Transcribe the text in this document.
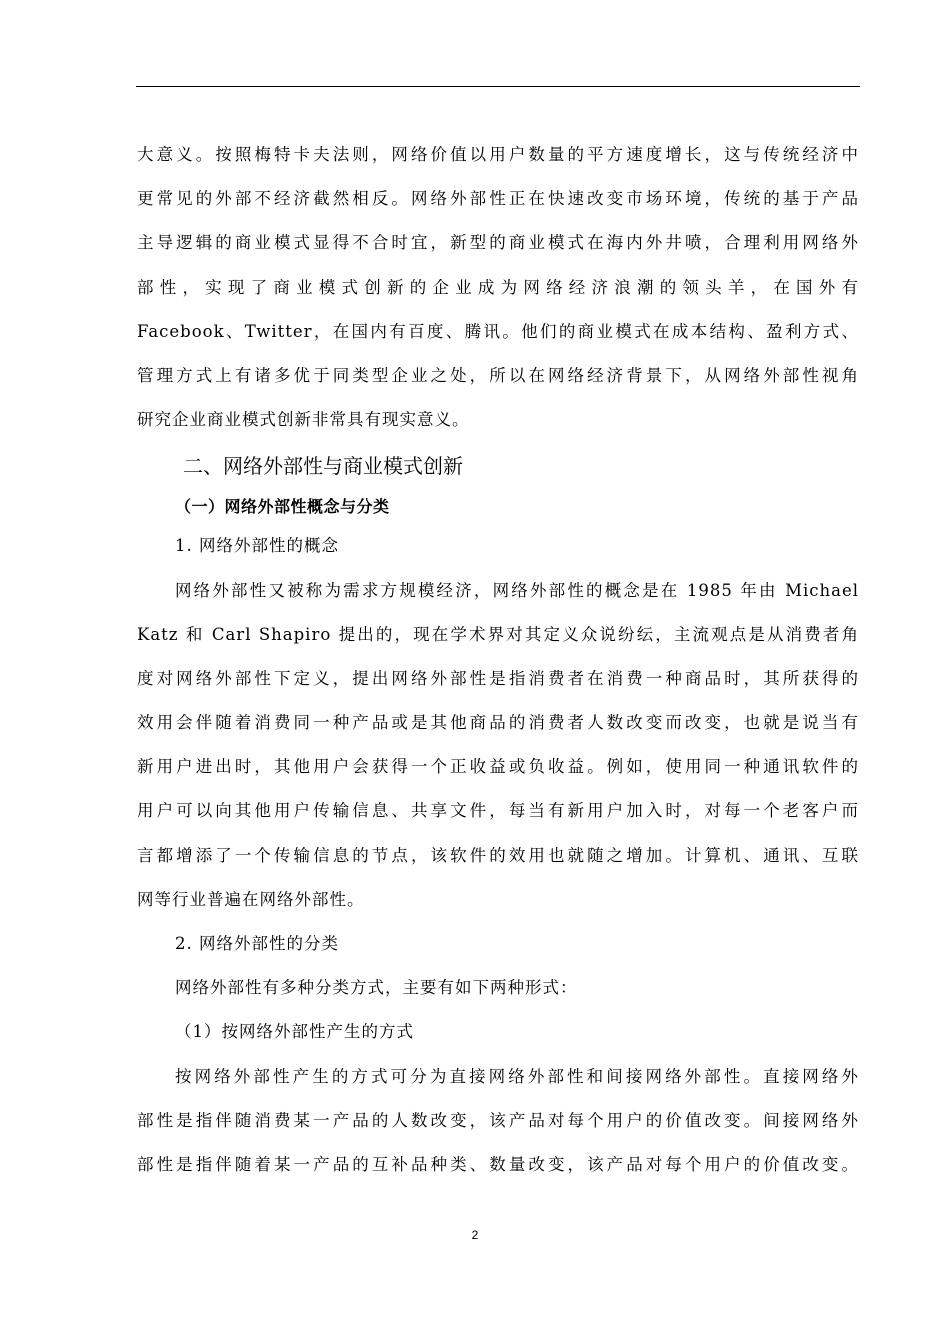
大意义。按照梅特卡夫法则，网络价值以用户数量的平方速度增长，这与传统经济中
更常见的外部不经济截然相反。网络外部性正在快速改变市场环境，传统的基于产品
主导逻辑的商业模式显得不合时宜，新型的商业模式在海内外井喷，合理利用网络外
部性，实现了商业模式创新的企业成为网络经济浪潮的领头羊，在国外有
Facebook、Twitter，在国内有百度、腾讯。他们的商业模式在成本结构、盈利方式、
管理方式上有诸多优于同类型企业之处，所以在网络经济背景下，从网络外部性视角
研究企业商业模式创新非常具有现实意义。
二、网络外部性与商业模式创新
（一）网络外部性概念与分类
1. 网络外部性的概念
网络外部性又被称为需求方规模经济，网络外部性的概念是在 1985 年由 Michael
Katz 和 Carl Shapiro 提出的，现在学术界对其定义众说纷纭，主流观点是从消费者角
度对网络外部性下定义，提出网络外部性是指消费者在消费一种商品时，其所获得的
效用会伴随着消费同一种产品或是其他商品的消费者人数改变而改变，也就是说当有
新用户进出时，其他用户会获得一个正收益或负收益。例如，使用同一种通讯软件的
用户可以向其他用户传输信息、共享文件，每当有新用户加入时，对每一个老客户而
言都增添了一个传输信息的节点，该软件的效用也就随之增加。计算机、通讯、互联
网等行业普遍在网络外部性。
2. 网络外部性的分类
网络外部性有多种分类方式，主要有如下两种形式：
（1）按网络外部性产生的方式
按网络外部性产生的方式可分为直接网络外部性和间接网络外部性。直接网络外
部性是指伴随消费某一产品的人数改变，该产品对每个用户的价值改变。间接网络外
部性是指伴随着某一产品的互补品种类、数量改变，该产品对每个用户的价值改变。
2
